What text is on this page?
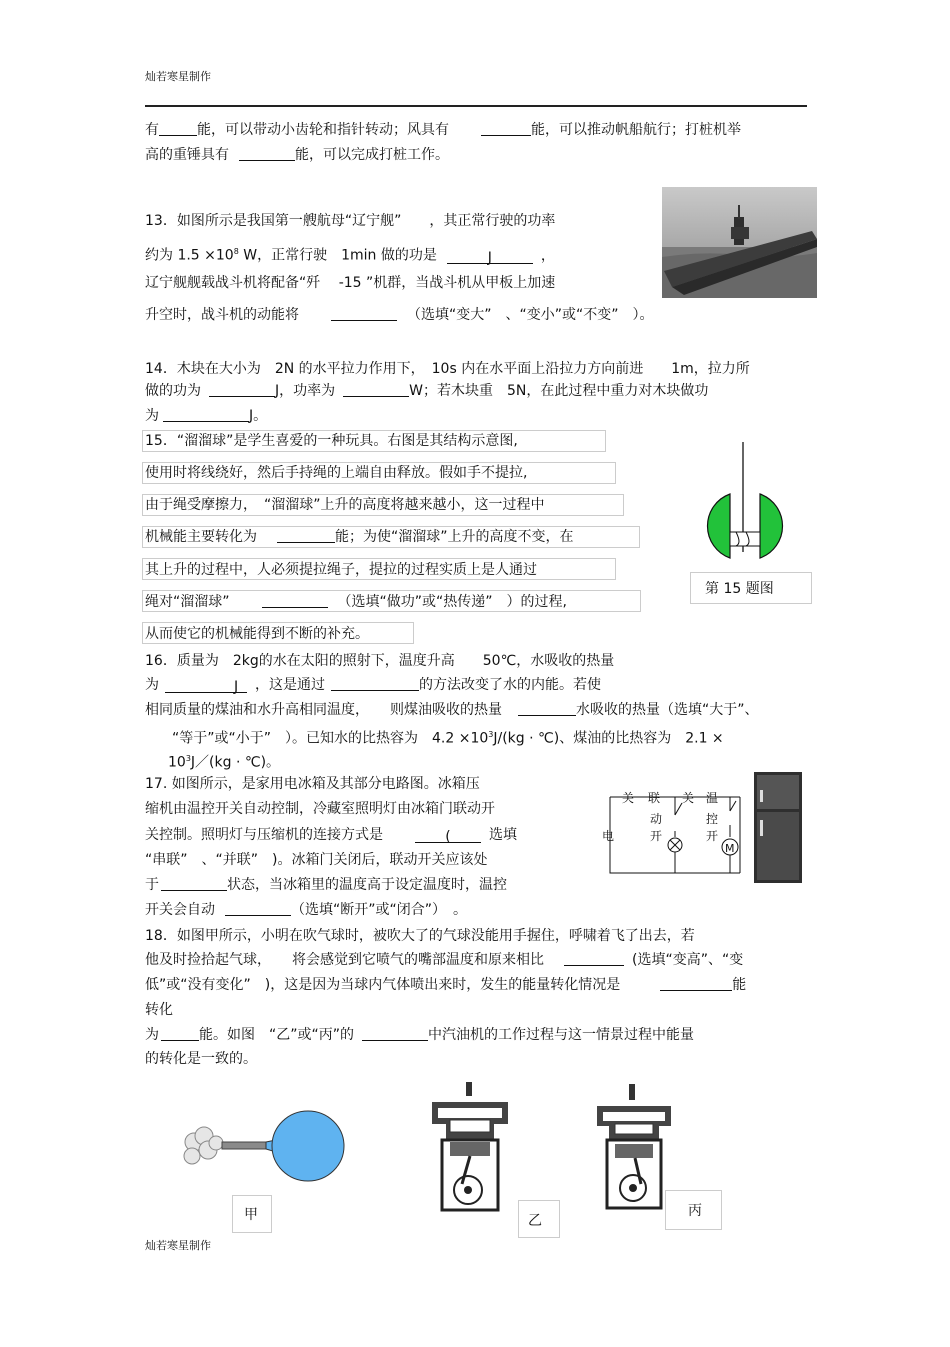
灿若寒星制作
有	能，可以带动小齿轮和指针转动；风具有	能，可以推动帆船航行；打桩机举
高的重锤具有	能，可以完成打桩工作。
13．如图所示是我国第一艘航母“辽宁舰”　　，其正常行驶的功率
约为 $1.5 \times 10^8$ W，正常行驶　1min 做的功是	J	，
辽宁舰舰载战斗机将配备“歼　 -15 ”机群，当战斗机从甲板上加速
升空时，战斗机的动能将	（选填“变大”　、“变小”或“不变”　）。
14．木块在大小为　2N 的水平拉力作用下，　10s 内在水平面上沿拉力方向前进　　1m，拉力所
做的功为	J，功率为	W；若木块重　5N，在此过程中重力对木块做功
为	J。
15．“溜溜球”是学生喜爱的一种玩具。右图是其结构示意图,
使用时将线绕好，然后手持绳的上端自由释放。假如手不提拉,
由于绳受摩擦力，　“溜溜球”上升的高度将越来越小，这一过程中
机械能主要转化为	能；为使“溜溜球”上升的高度不变，在
其上升的过程中，人必须提拉绳子，提拉的过程实质上是人通过
绳对“溜溜球”	（选填“做功”或“热传递”　）的过程,
从而使它的机械能得到不断的补充。
第 15 题图
16．质量为　2kg的水在太阳的照射下，温度升高　　50℃，水吸收的热量
为	J ，这是通过	的方法改变了水的内能。若使
相同质量的煤油和水升高相同温度，　　则煤油吸收的热量	水吸收的热量（选填“大于”、
“等于”或“小于”　）。已知水的比热容为　$4.2 \times 10^3J/(kg$ · ℃)、煤油的比热容为　2.1 ×
$10^3J/(kg$ · ℃)。
17. 如图所示，是家用电冰箱及其部分电路图。冰箱压
缩机由温控开关自动控制，冷藏室照明灯由冰箱门联动开
关控制。照明灯与压缩机的连接方式是	(	选填
“串联”　、“并联”　)。冰箱门关闭后，联动开关应该处
于	状态，当冰箱里的温度高于设定温度时，温控
开关会自动	（选填“断开”或“闭合”）　。
电
关 联
动
开
关 温
控
开
M
18．如图甲所示，小明在吹气球时，被吹大了的气球没能用手握住，呼啸着飞了出去，若
他及时捡拾起气球，　　将会感觉到它喷气的嘴部温度和原来相比	(选填“变高”、“变
低”或“没有变化”　)，这是因为当球内气体喷出来时，发生的能量转化情况是	能
转化
为	能。如图　“乙”或“丙”的	中汽油机的工作过程与这一情景过程中能量
的转化是一致的。
甲	乙
丙
灿若寒星制作
